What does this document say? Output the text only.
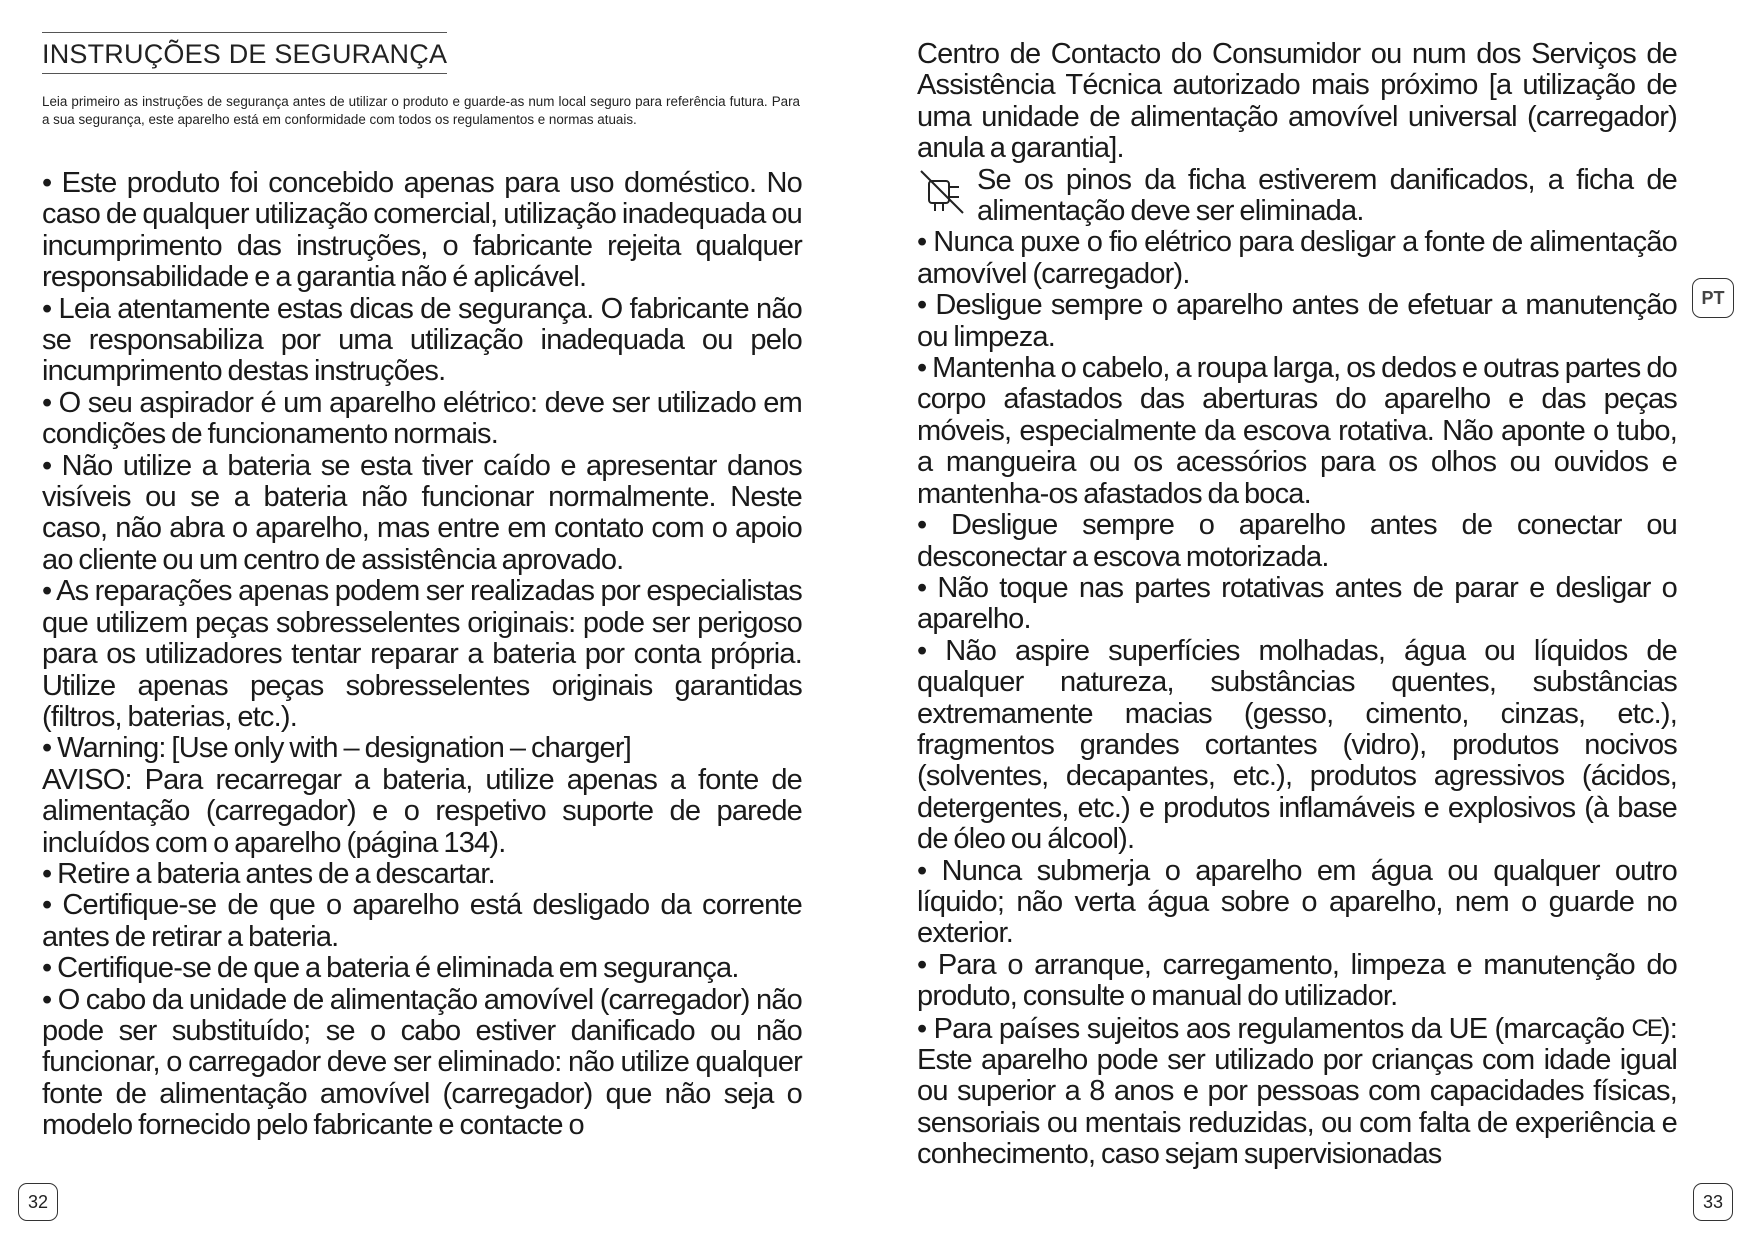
INSTRUÇÕES DE SEGURANÇA
Leia primeiro as instruções de segurança antes de utilizar o produto e guarde-as num local seguro para referência futura. Para a sua segurança, este aparelho está em conformidade com todos os regulamentos e normas atuais.

• Este produto foi concebido apenas para uso doméstico. No caso de qualquer utilização comercial, utilização inadequada ou incumprimento das instruções, o fabricante rejeita qualquer responsabilidade e a garantia não é aplicável.

• Leia atentamente estas dicas de segurança. O fabricante não se responsabiliza por uma utilização inadequada ou pelo incumprimento destas instruções.

• O seu aspirador é um aparelho elétrico: deve ser utilizado em condições de funcionamento normais.

• Não utilize a bateria se esta tiver caído e apresentar danos visíveis ou se a bateria não funcionar normalmente. Neste caso, não abra o aparelho, mas entre em contato com o apoio ao cliente ou um centro de assistência aprovado.

• As reparações apenas podem ser realizadas por especialistas que utilizem peças sobresselentes originais: pode ser perigoso para os utilizadores tentar reparar a bateria por conta própria. Utilize apenas peças sobresselentes originais garantidas (filtros, baterias, etc.).

• Warning: [Use only with – designation – charger]

AVISO: Para recarregar a bateria, utilize apenas a fonte de alimentação (carregador) e o respetivo suporte de parede incluídos com o aparelho (página 134).

• Retire a bateria antes de a descartar.

• Certifique-se de que o aparelho está desligado da corrente antes de retirar a bateria.

• Certifique-se de que a bateria é eliminada em segurança.

• O cabo da unidade de alimentação amovível (carregador) não pode ser substituído; se o cabo estiver danificado ou não funcionar, o carregador deve ser eliminado: não utilize qualquer fonte de alimentação amovível (carregador) que não seja o modelo fornecido pelo fabricante e contacte o

32

Centro de Contacto do Consumidor ou num dos Serviços de Assistência Técnica autorizado mais próximo [a utilização de uma unidade de alimentação amovível universal (carregador) anula a garantia].

Se os pinos da ficha estiverem danificados, a ficha de alimentação deve ser eliminada.

• Nunca puxe o fio elétrico para desligar a fonte de alimentação amovível (carregador).

• Desligue sempre o aparelho antes de efetuar a manutenção ou limpeza.

• Mantenha o cabelo, a roupa larga, os dedos e outras partes do corpo afastados das aberturas do aparelho e das peças móveis, especialmente da escova rotativa. Não aponte o tubo, a mangueira ou os acessórios para os olhos ou ouvidos e mantenha-os afastados da boca.

• Desligue sempre o aparelho antes de conectar ou desconectar a escova motorizada.

• Não toque nas partes rotativas antes de parar e desligar o aparelho.

• Não aspire superfícies molhadas, água ou líquidos de qualquer natureza, substâncias quentes, substâncias extremamente macias (gesso, cimento, cinzas, etc.), fragmentos grandes cortantes (vidro), produtos nocivos (solventes, decapantes, etc.), produtos agressivos (ácidos, detergentes, etc.) e produtos inflamáveis e explosivos (à base de óleo ou álcool).

• Nunca submerja o aparelho em água ou qualquer outro líquido; não verta água sobre o aparelho, nem o guarde no exterior.

• Para o arranque, carregamento, limpeza e manutenção do produto, consulte o manual do utilizador.

• Para países sujeitos aos regulamentos da UE (marcação CE): Este aparelho pode ser utilizado por crianças com idade igual ou superior a 8 anos e por pessoas com capacidades físicas, sensoriais ou mentais reduzidas, ou com falta de experiência e conhecimento, caso sejam supervisionadas

PT
33
